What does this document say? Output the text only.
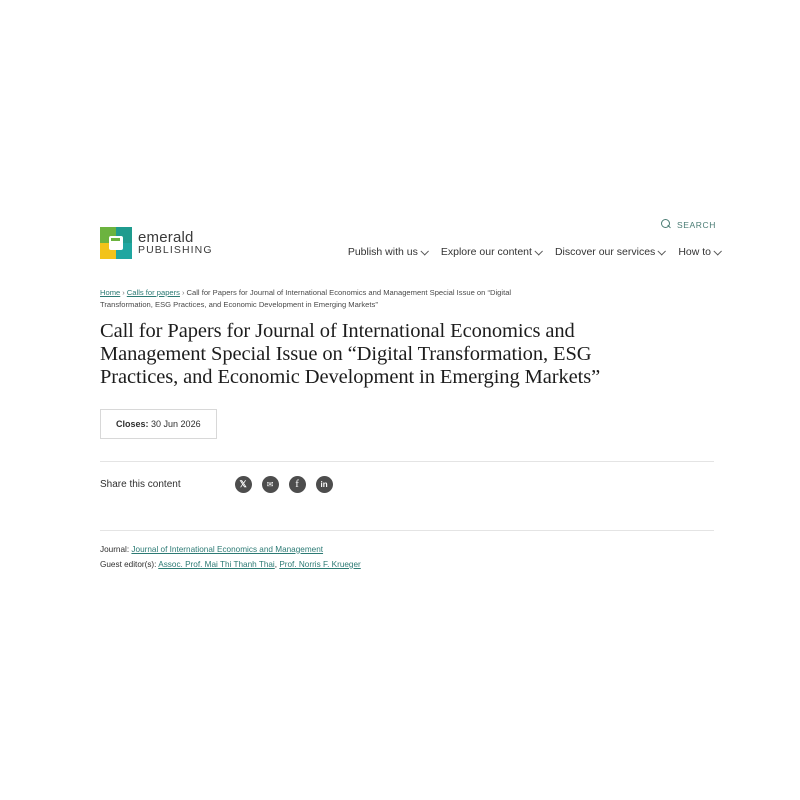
emerald
PUBLISHING
SEARCH
Publish with us Explore our content Discover our services How to
Home › Calls for papers › Call for Papers for Journal of International Economics and Management Special Issue on “Digital Transformation, ESG Practices, and Economic Development in Emerging Markets”
Call for Papers for Journal of International Economics and Management Special Issue on “Digital Transformation, ESG Practices, and Economic Development in Emerging Markets”
Closes: 30 Jun 2026
Share this content	𝕏	✉	f	in
Journal: Journal of International Economics and Management
Guest editor(s): Assoc. Prof. Mai Thi Thanh Thai, Prof. Norris F. Krueger
